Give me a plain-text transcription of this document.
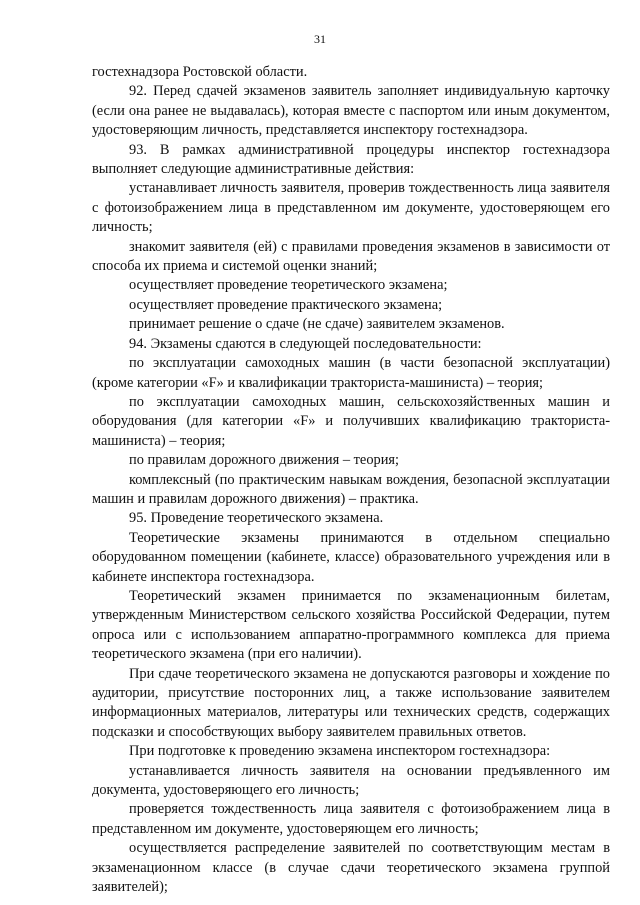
31

гостехнадзора Ростовской области.

92. Перед сдачей экзаменов заявитель заполняет индивидуальную карточку (если она ранее не выдавалась), которая вместе с паспортом или иным документом, удостоверяющим личность, представляется инспектору гостехнадзора.

93. В рамках административной процедуры инспектор гостехнадзора выполняет следующие административные действия:

устанавливает личность заявителя, проверив тождественность лица заявителя с фотоизображением лица в представленном им документе, удостоверяющем его личность;

знакомит заявителя (ей) с правилами проведения экзаменов в зависимости от способа их приема и системой оценки знаний;

осуществляет проведение теоретического экзамена;

осуществляет проведение практического экзамена;

принимает решение о сдаче (не сдаче) заявителем экзаменов.

94. Экзамены сдаются в следующей последовательности:

по эксплуатации самоходных машин (в части безопасной эксплуатации) (кроме категории «F» и квалификации тракториста-машиниста) – теория;

по эксплуатации самоходных машин, сельскохозяйственных машин и оборудования (для категории «F» и получивших квалификацию тракториста-машиниста) – теория;

по правилам дорожного движения – теория;

комплексный (по практическим навыкам вождения, безопасной эксплуатации машин и правилам дорожного движения) – практика.

95. Проведение теоретического экзамена.

Теоретические экзамены принимаются в отдельном специально оборудованном помещении (кабинете, классе) образовательного учреждения или в кабинете инспектора гостехнадзора.

Теоретический экзамен принимается по экзаменационным билетам, утвержденным Министерством сельского хозяйства Российской Федерации, путем опроса или с использованием аппаратно-программного комплекса для приема теоретического экзамена (при его наличии).

При сдаче теоретического экзамена не допускаются разговоры и хождение по аудитории, присутствие посторонних лиц, а также использование заявителем информационных материалов, литературы или технических средств, содержащих подсказки и способствующих выбору заявителем правильных ответов.

При подготовке к проведению экзамена инспектором гостехнадзора:

устанавливается личность заявителя на основании предъявленного им документа, удостоверяющего его личность;

проверяется тождественность лица заявителя с фотоизображением лица в представленном им документе, удостоверяющем его личность;

осуществляется распределение заявителей по соответствующим местам в экзаменационном классе (в случае сдачи теоретического экзамена группой заявителей);
